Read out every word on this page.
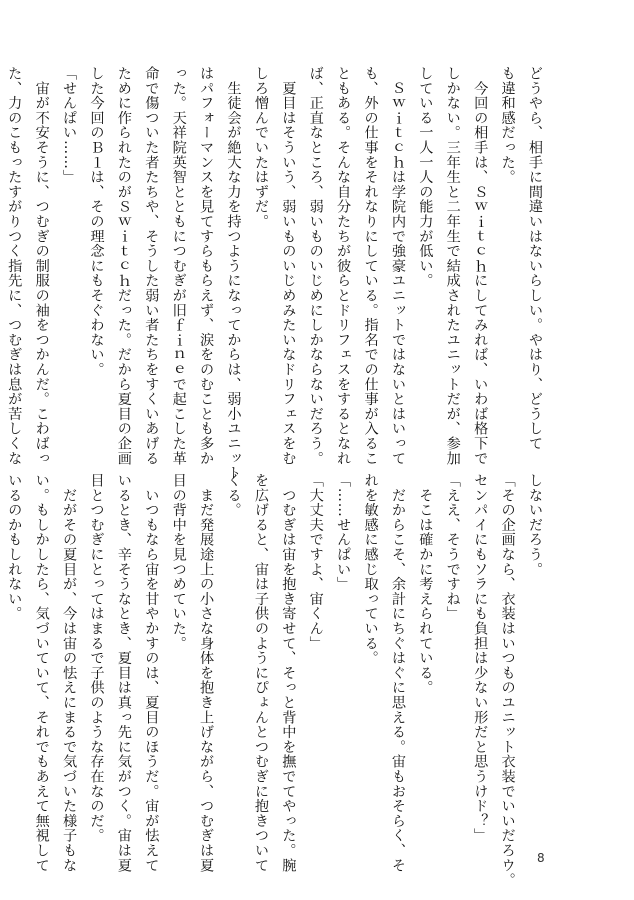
どうやら、相手に間違いはないらしい。やはり、どうして

も違和感だった。

　今回の相手は、Ｓｗｉｔｃｈにしてみれば、いわば格下で

しかない。三年生と二年生で結成されたユニットだが、参加

している一人一人の能力が低い。

　Ｓｗｉｔｃｈは学院内で強豪ユニットではないとはいって

も、外の仕事をそれなりにしている。指名での仕事が入るこ

ともある。そんな自分たちが彼らとドリフェスをするとなれ

ば、正直なところ、弱いものいじめにしかならないだろう。

　夏目はそういう、弱いものいじめみたいなドリフェスをむ

しろ憎んでいたはずだ。

　生徒会が絶大な力を持つようになってからは、弱小ユニット

はパフォーマンスを見てすらもらえず、涙をのむことも多か

った。天祥院英智とともにつむぎが旧ｆｉｎｅで起こした革

命で傷ついた者たちや、そうした弱い者たちをすくいあげる

ために作られたのがＳｗｉｔｃｈだった。だから夏目の企画

した今回のＢ１は、その理念にもそぐわない。

「せんぱい……」

　宙が不安そうに、つむぎの制服の袖をつかんだ。こわばっ

た、力のこもったすがりつく指先に、つむぎは息が苦しくな

しないだろう。

「その企画なら、衣装はいつものユニット衣装でいいだろウ。

センパイにもソラにも負担は少ない形だと思うけド？」

「ええ、そうですね」

　そこは確かに考えられている。

　だからこそ、余計にちぐはぐに思える。宙もおそらく、そ

れを敏感に感じ取っている。

「……せんぱい」

「大丈夫ですよ、宙くん」

　つむぎは宙を抱き寄せて、そっと背中を撫でてやった。腕

を広げると、宙は子供のようにぴょんとつむぎに抱きついて

くる。

　まだ発展途上の小さな身体を抱き上げながら、つむぎは夏

目の背中を見つめていた。

　いつもなら宙を甘やかすのは、夏目のほうだ。宙が怯えて

いるとき、辛そうなとき、夏目は真っ先に気がつく。宙は夏

目とつむぎにとってはまるで子供のような存在なのだ。

　だがその夏目が、今は宙の怯えにまるで気づいた様子もな

い。もしかしたら、気づいていて、それでもあえて無視して

いるのかもしれない。

8
